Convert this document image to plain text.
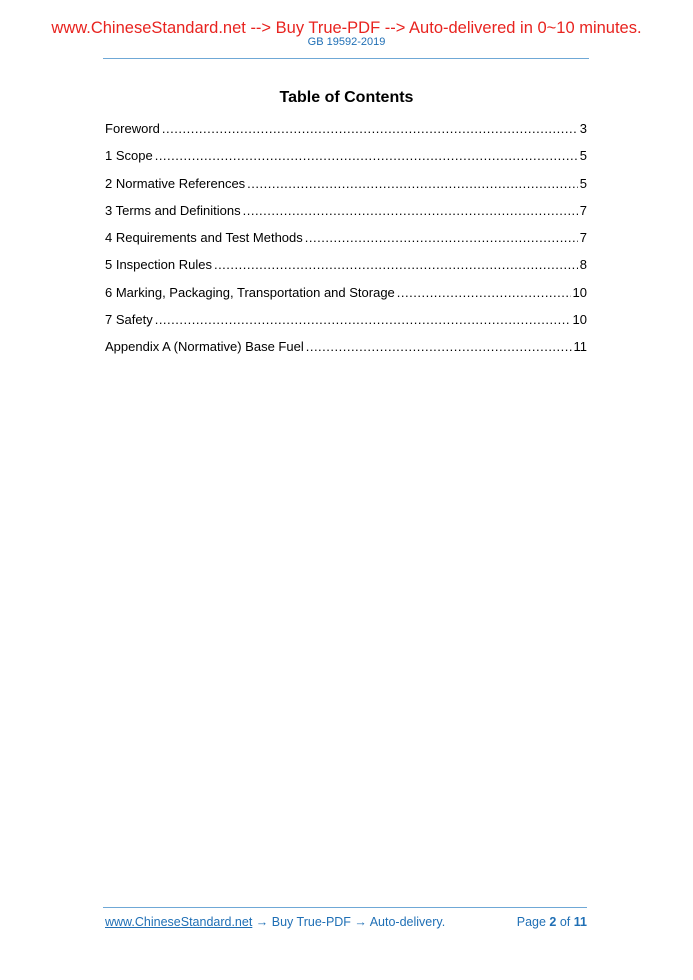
www.ChineseStandard.net --> Buy True-PDF --> Auto-delivered in 0~10 minutes.
GB 19592-2019
Table of Contents
Foreword .....	3
1 Scope .....	5
2 Normative References .....	5
3 Terms and Definitions .....	7
4 Requirements and Test Methods .....	7
5 Inspection Rules .....	8
6 Marking, Packaging, Transportation and Storage .....	10
7 Safety .....	10
Appendix A (Normative) Base Fuel .....	11
www.ChineseStandard.net → Buy True-PDF → Auto-delivery.	Page 2 of 11
